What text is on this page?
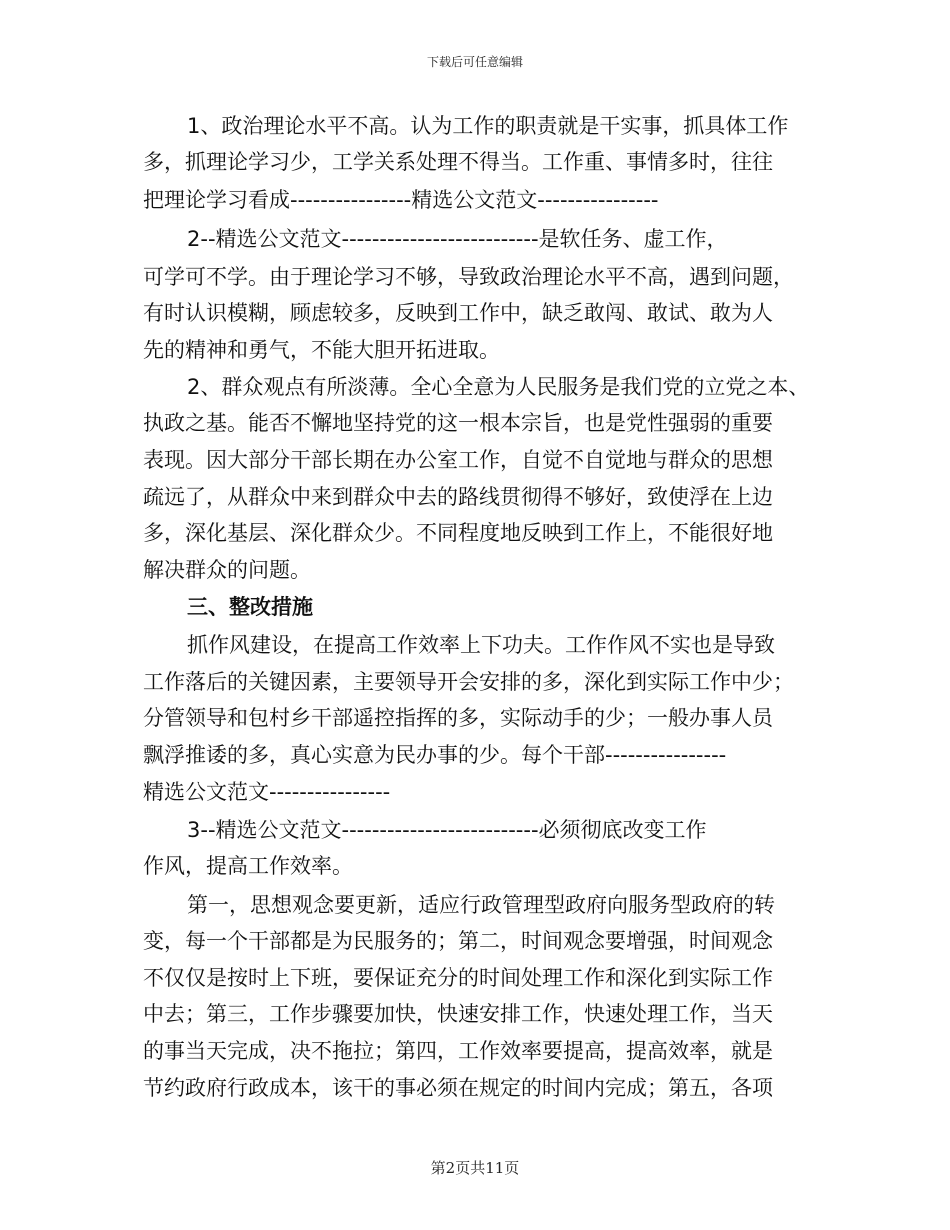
下载后可任意编辑
1、政治理论水平不高。认为工作的职责就是干实事，抓具体工作
多，抓理论学习少，工学关系处理不得当。工作重、事情多时，往往
把理论学习看成----------------精选公文范文----------------
2--精选公文范文--------------------------是软任务、虚工作，
可学可不学。由于理论学习不够，导致政治理论水平不高，遇到问题，
有时认识模糊，顾虑较多，反映到工作中，缺乏敢闯、敢试、敢为人
先的精神和勇气，不能大胆开拓进取。
2、群众观点有所淡薄。全心全意为人民服务是我们党的立党之本、
执政之基。能否不懈地坚持党的这一根本宗旨，也是党性强弱的重要
表现。因大部分干部长期在办公室工作，自觉不自觉地与群众的思想
疏远了，从群众中来到群众中去的路线贯彻得不够好，致使浮在上边
多，深化基层、深化群众少。不同程度地反映到工作上，不能很好地
解决群众的问题。
三、整改措施
抓作风建设，在提高工作效率上下功夫。工作作风不实也是导致
工作落后的关键因素，主要领导开会安排的多，深化到实际工作中少；
分管领导和包村乡干部遥控指挥的多，实际动手的少；一般办事人员
飘浮推诿的多，真心实意为民办事的少。每个干部----------------
精选公文范文----------------
3--精选公文范文--------------------------必须彻底改变工作
作风，提高工作效率。
第一，思想观念要更新，适应行政管理型政府向服务型政府的转
变，每一个干部都是为民服务的；第二，时间观念要增强，时间观念
不仅仅是按时上下班，要保证充分的时间处理工作和深化到实际工作
中去；第三，工作步骤要加快，快速安排工作，快速处理工作，当天
的事当天完成，决不拖拉；第四，工作效率要提高，提高效率，就是
节约政府行政成本，该干的事必须在规定的时间内完成；第五，各项
第2页共11页
